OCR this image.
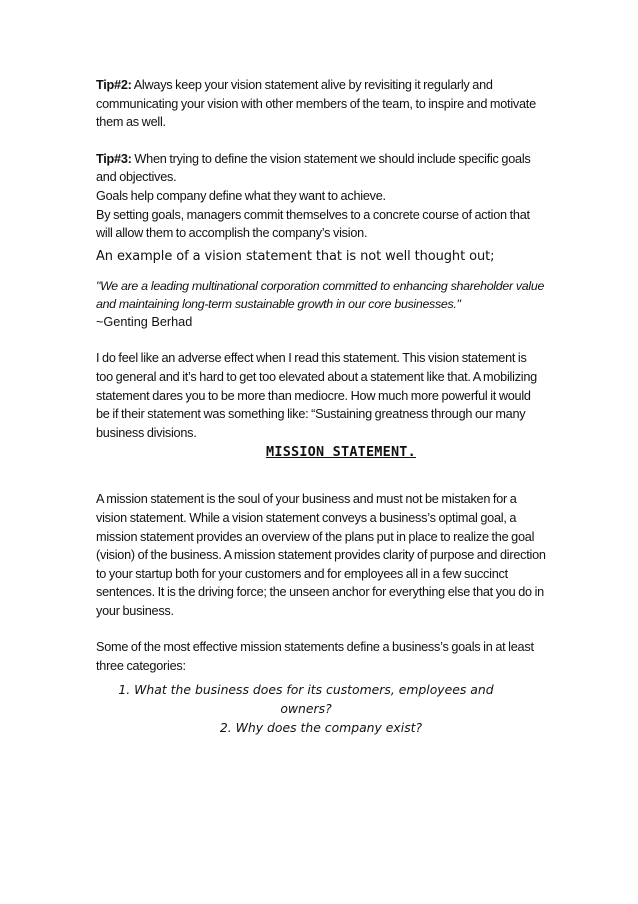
Tip#2: Always keep your vision statement alive by revisiting it regularly and communicating your vision with other members of the team, to inspire and motivate them as well.

Tip#3: When trying to define the vision statement we should include specific goals and objectives.
Goals help company define what they want to achieve.
By setting goals, managers commit themselves to a concrete course of action that will allow them to accomplish the company’s vision.

An example of a vision statement that is not well thought out;

"We are a leading multinational corporation committed to enhancing shareholder value and maintaining long-term sustainable growth in our core businesses."

~Genting Berhad

I do feel like an adverse effect when I read this statement. This vision statement is too general and it’s hard to get too elevated about a statement like that. A mobilizing statement dares you to be more than mediocre. How much more powerful it would be if their statement was something like: “Sustaining greatness through our many business divisions.

MISSION STATEMENT.

A mission statement is the soul of your business and must not be mistaken for a vision statement. While a vision statement conveys a business’s optimal goal, a mission statement provides an overview of the plans put in place to realize the goal (vision) of the business. A mission statement provides clarity of purpose and direction to your startup both for your customers and for employees all in a few succinct sentences. It is the driving force; the unseen anchor for everything else that you do in your business.

Some of the most effective mission statements define a business’s goals in at least three categories:

1. What the business does for its customers, employees and owners?
2. Why does the company exist?
